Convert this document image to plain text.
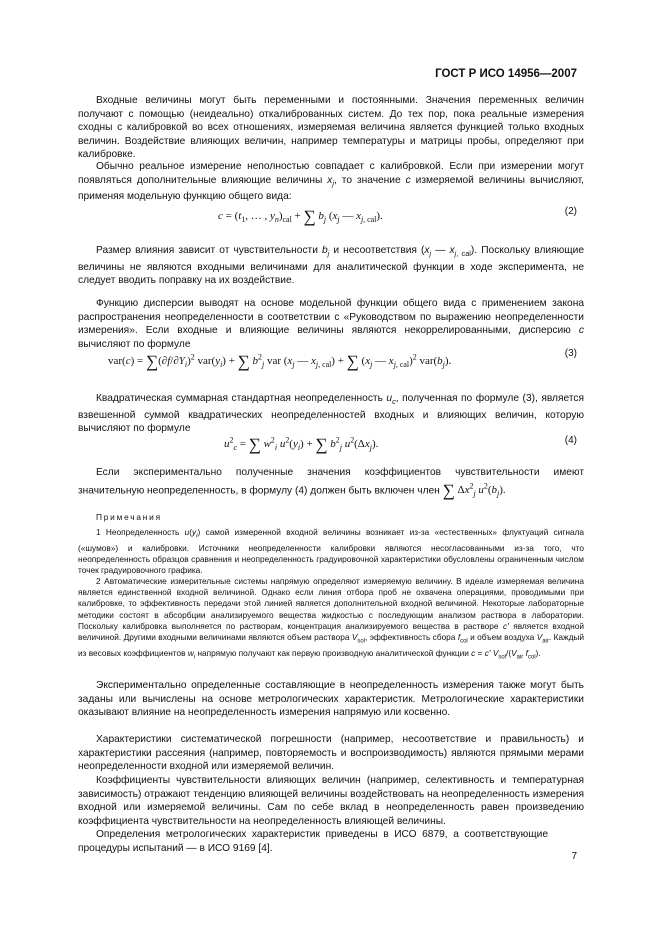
ГОСТ Р ИСО 14956—2007

Входные величины могут быть переменными и постоянными. Значения переменных величин получают с помощью (неидеально) откалиброванных систем. До тех пор, пока реальные измерения сходны с калибровкой во всех отношениях, измеряемая величина является функцией только входных величин. Воздействие влияющих величин, например температуры и матрицы пробы, определяют при калибровке.

Обычно реальное измерение неполностью совпадает с калибровкой. Если при измерении могут появляться дополнительные влияющие величины $x_j$, то значение c измеряемой величины вычисляют, применяя модельную функцию общего вида:

$c = (t_1$, … , $y_n)_{cal}$ + ∑ $b_j$ ($x_j$ — $x_{j, cal}$).	(2)

Размер влияния зависит от чувствительности $b_j$ и несоответствия ($x_j$ — $x_{j, cal}$). Поскольку влияющие величины не являются входными величинами для аналитической функции в ходе эксперимента, не следует вводить поправку на их воздействие.

Функцию дисперсии выводят на основе модельной функции общего вида с применением закона распространения неопределенности в соответствии с «Руководством по выражению неопределенности измерения». Если входные и влияющие величины являются некоррелированными, дисперсию c вычисляют по формуле

$var(c) = \sum(\partial f/\partial Y_i)^2$ $var(y_i)$ + ∑ $b^2_j$ var ($x_j$ — $x_{j, cal}$) + ∑ ($x_j$ — $x_{j, cal})^2$ $var(b_j)$.
(3)

Квадратическая суммарная стандартная неопределенность $u_c$, полученная по формуле (3), является взвешенной суммой квадратических неопределенностей входных и влияющих величин, которую вычисляют по формуле

$u^2_c$ = ∑ $w^2_i$ $u^2(y_i)$ + ∑ $b^2_j$ $u^2(\Delta x_j)$.	(4)

Если экспериментально полученные значения коэффициентов чувствительности имеют значительную неопределенность, в формулу (4) должен быть включен член ∑ $\Delta x^2_j$ $u^2(b_j)$.

Примечания

1 Неопределенность $u(y_i)$ самой измеренной входной величины возникает из-за «естественных» флуктуаций сигнала («шумов») и калибровки. Источники неопределенности калибровки являются несогласованными из-за того, что неопределенность образцов сравнения и неопределенность градуировочной характеристики обусловлены ограниченным числом точек градуировочного графика.

2 Автоматические измерительные системы напрямую определяют измеряемую величину. В идеале измеряемая величина является единственной входной величиной. Однако если линия отбора проб не охвачена операциями, проводимыми при калибровке, то эффективность передачи этой линией является дополнительной входной величиной. Некоторые лабораторные методики состоят в абсорбции анализируемого вещества жидкостью с последующим анализом раствора в лаборатории. Поскольку калибровка выполняется по растворам, концентрация анализируемого вещества в растворе c' является входной величиной. Другими входными величинами являются объем раствора $V_{sol}$, эффективность сбора $f_{col}$ и объем воздуха $V_{air}$. Каждый из весовых коэффициентов $w_i$ напрямую получают как первую производную аналитической функции c = c' $V_{sol}/(V_{air}$ $f_{col}$).

Экспериментально определенные составляющие в неопределенность измерения также могут быть заданы или вычислены на основе метрологических характеристик. Метрологические характеристики оказывают влияние на неопределенность измерения напрямую или косвенно.

Характеристики систематической погрешности (например, несоответствие и правильность) и характеристики рассеяния (например, повторяемость и воспроизводимость) являются прямыми мерами неопределенности входной или измеряемой величин.

Коэффициенты чувствительности влияющих величин (например, селективность и температурная зависимость) отражают тенденцию влияющей величины воздействовать на неопределенность измерения входной или измеряемой величины. Сам по себе вклад в неопределенность равен произведению коэффициента чувствительности на неопределенность влияющей величины.

Определения метрологических характеристик приведены в ИСО 6879, а соответствующие процедуры испытаний — в ИСО 9169 [4].

7
